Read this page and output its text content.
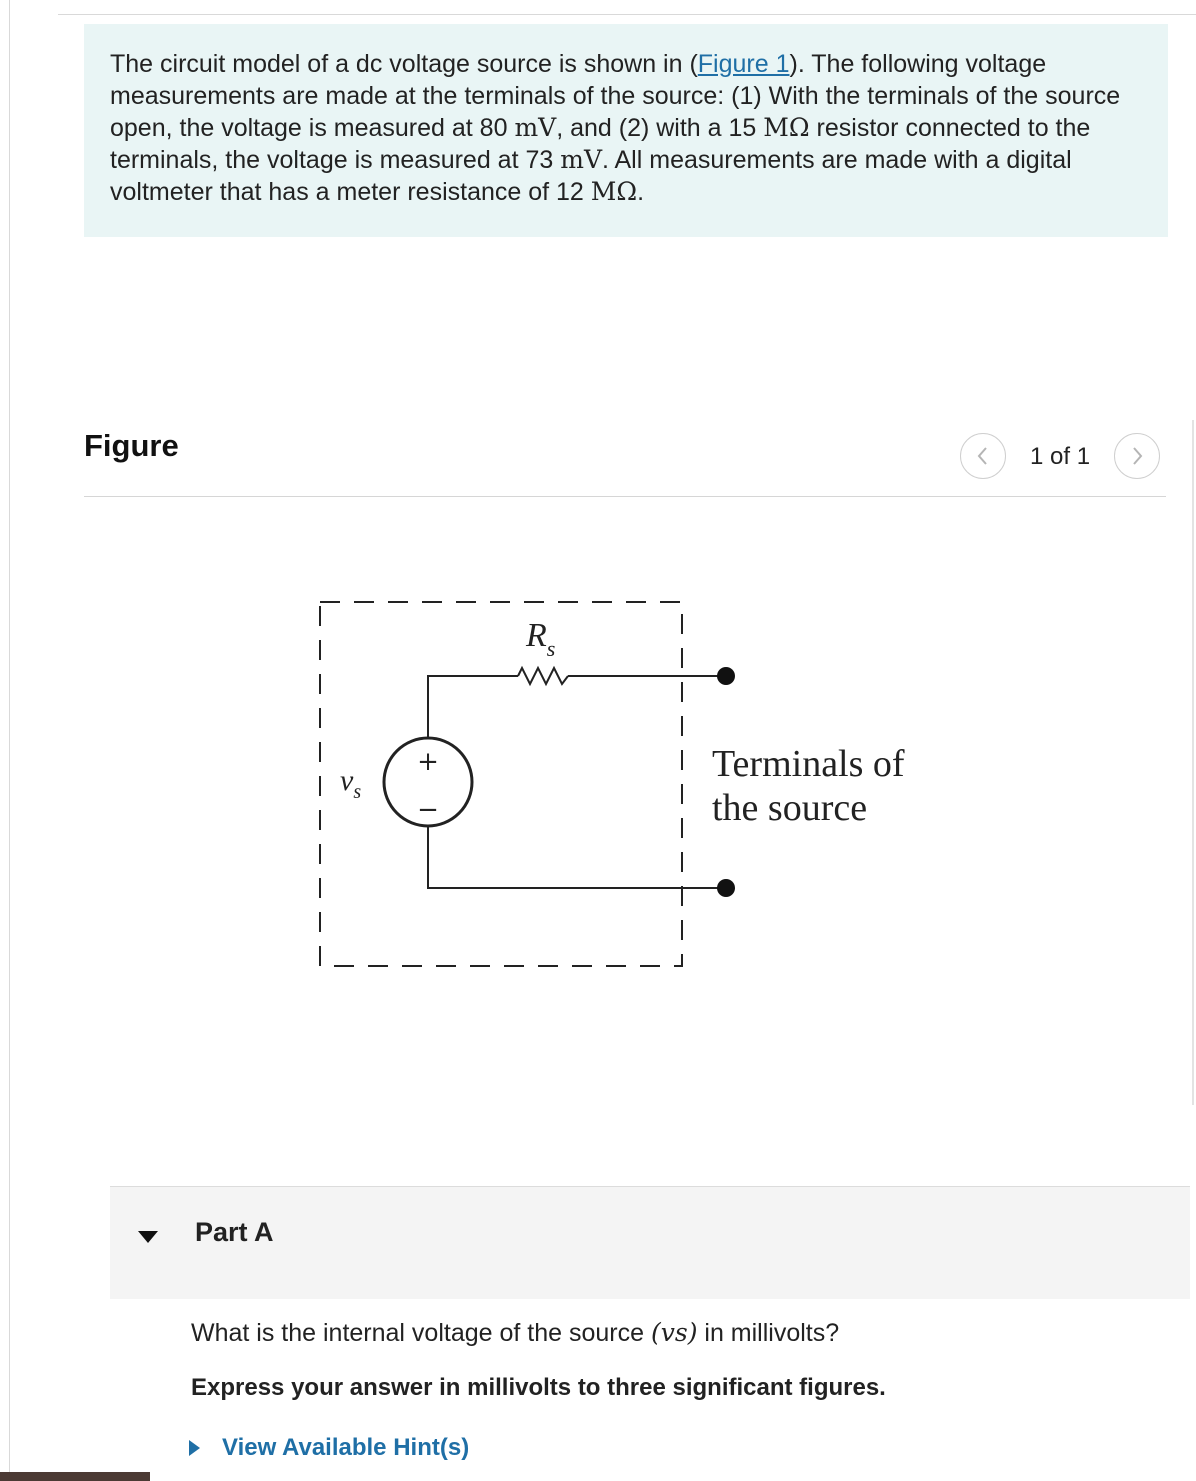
The circuit model of a dc voltage source is shown in (Figure 1). The following voltage measurements are made at the terminals of the source: (1) With the terminals of the source open, the voltage is measured at 80 mV, and (2) with a 15 MΩ resistor connected to the terminals, the voltage is measured at 73 mV. All measurements are made with a digital voltmeter that has a meter resistance of 12 MΩ.
Figure	1 of 1
+
−
$R_s$
$v_s$
Terminals of
the source
Part A
What is the internal voltage of the source (vs) in millivolts?
Express your answer in millivolts to three significant figures.
View Available Hint(s)
